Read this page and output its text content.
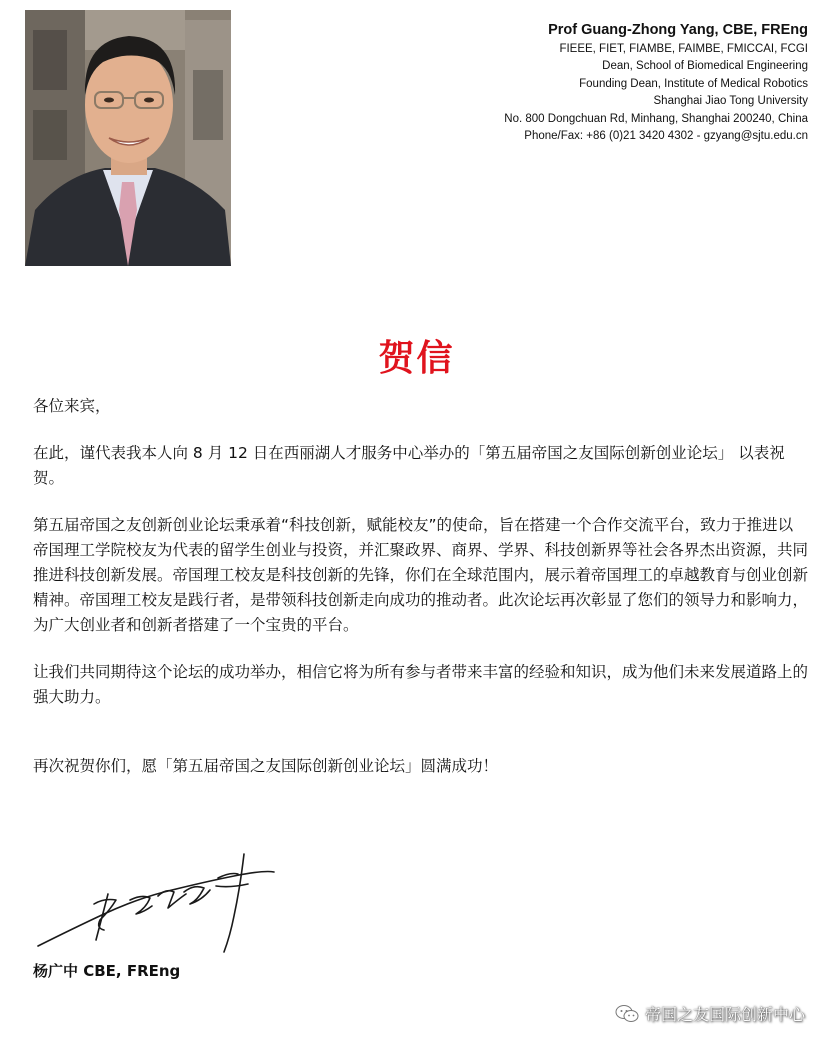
Prof Guang-Zhong Yang, CBE, FREng
FIEEE, FIET, FIAMBE, FAIMBE, FMICCAI, FCGI
Dean, School of Biomedical Engineering
Founding Dean, Institute of Medical Robotics
Shanghai Jiao Tong University
No. 800 Dongchuan Rd, Minhang, Shanghai 200240, China
Phone/Fax: +86 (0)21 3420 4302 - gzyang@sjtu.edu.cn
贺信

各位来宾，

在此，谨代表我本人向 8 月 12 日在西丽湖人才服务中心举办的「第五届帝国之友国际创新创业论坛」 以表祝贺。

第五届帝国之友创新创业论坛秉承着“科技创新，赋能校友”的使命，旨在搭建一个合作交流平台，致力于推进以帝国理工学院校友为代表的留学生创业与投资，并汇聚政界、商界、学界、科技创新界等社会各界杰出资源，共同推进科技创新发展。帝国理工校友是科技创新的先锋，你们在全球范围内，展示着帝国理工的卓越教育与创业创新精神。帝国理工校友是践行者，是带领科技创新走向成功的推动者。此次论坛再次彰显了您们的领导力和影响力，为广大创业者和创新者搭建了一个宝贵的平台。

让我们共同期待这个论坛的成功举办，相信它将为所有参与者带来丰富的经验和知识，成为他们未来发展道路上的强大助力。

再次祝贺你们，愿「第五届帝国之友国际创新创业论坛」圆满成功！

杨广中 CBE, FREng
帝国之友国际创新中心
